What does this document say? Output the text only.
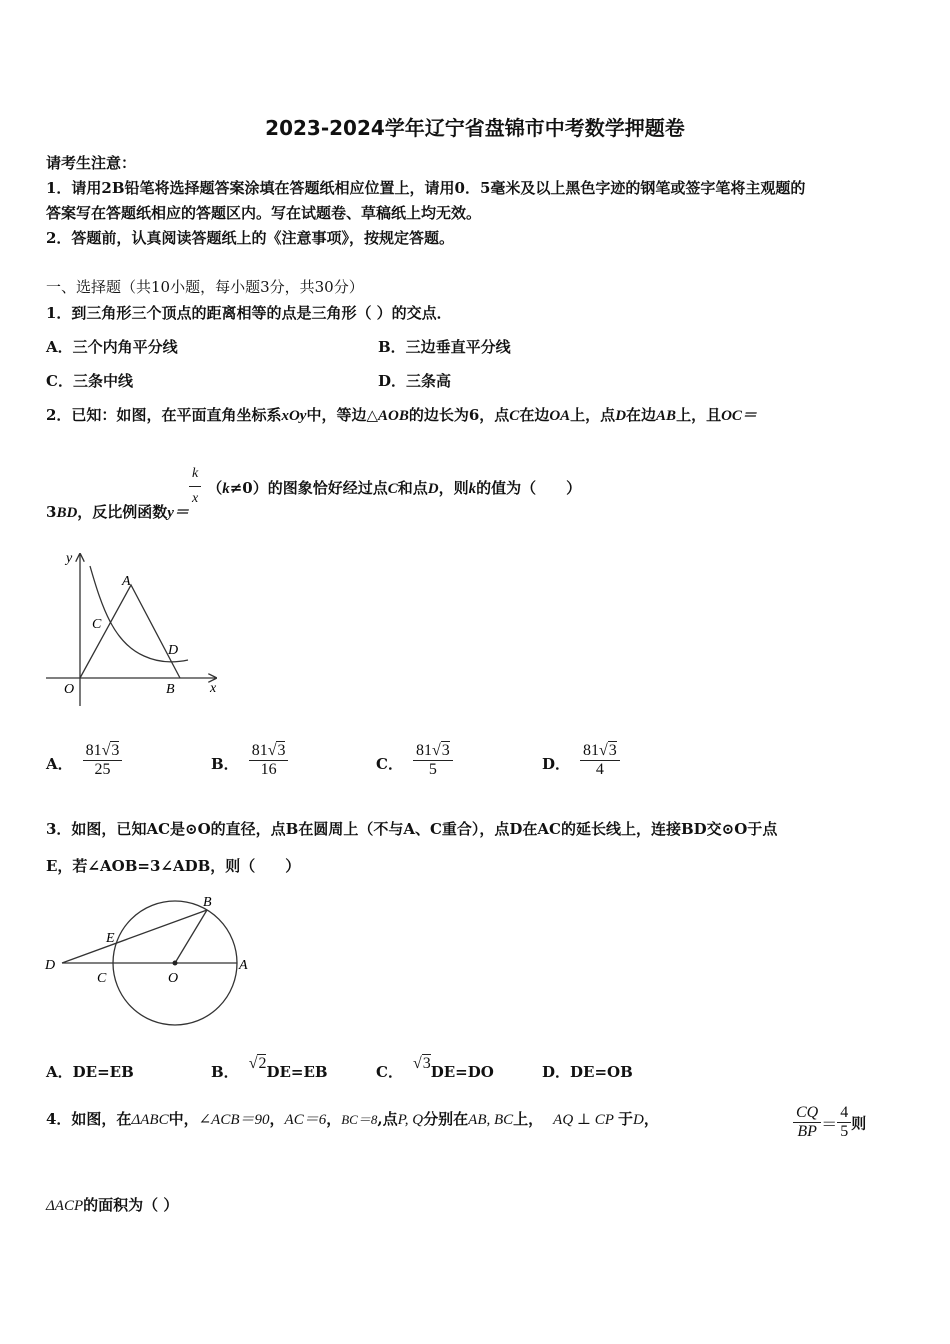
2023-2024学年辽宁省盘锦市中考数学押题卷
请考生注意：
1．请用2B铅笔将选择题答案涂填在答题纸相应位置上，请用0．5毫米及以上黑色字迹的钢笔或签字笔将主观题的
答案写在答题纸相应的答题区内。写在试题卷、草稿纸上均无效。
2．答题前，认真阅读答题纸上的《注意事项》，按规定答题。
一、选择题（共10小题，每小题3分，共30分）
1．到三角形三个顶点的距离相等的点是三角形（ ）的交点．
A．三个内角平分线	B．三边垂直平分线
C．三条中线	D．三条高
2．已知：如图，在平面直角坐标系xOy中，等边△AOB的边长为6，点C在边OA上，点D在边AB上，且OC＝
3BD，反比例函数y＝
$\frac{k}{x} (k\ne 0)$的图象恰好经过点C和点D，则k的值为（　　）
y
x
A
C
D
O	B
A． $\frac{81√3}{25}$	B． $\frac{81√3}{16}$	C． $\frac{81√3}{5}$	D． $\frac{81√3}{4}$
3．如图，已知AC是⊙O的直径，点B在圆周上（不与A、C重合），点D在AC的延长线上，连接BD交⊙O于点
E，若∠AOB=3∠ADB，则（　　）
B
E
D
C	O
A
A．DE=EB	B． √2DE=EB	C． √3DE=DO	D．DE=OB
4．如图，在ΔABC中，∠ACB＝90，AC＝6，BC＝8,点P, Q分别在AB, BC上， AQ ⊥ CP 于D，	$\frac{CQ}{BP} = \frac{4}{5}$ 则
ΔACP的面积为（ ）
